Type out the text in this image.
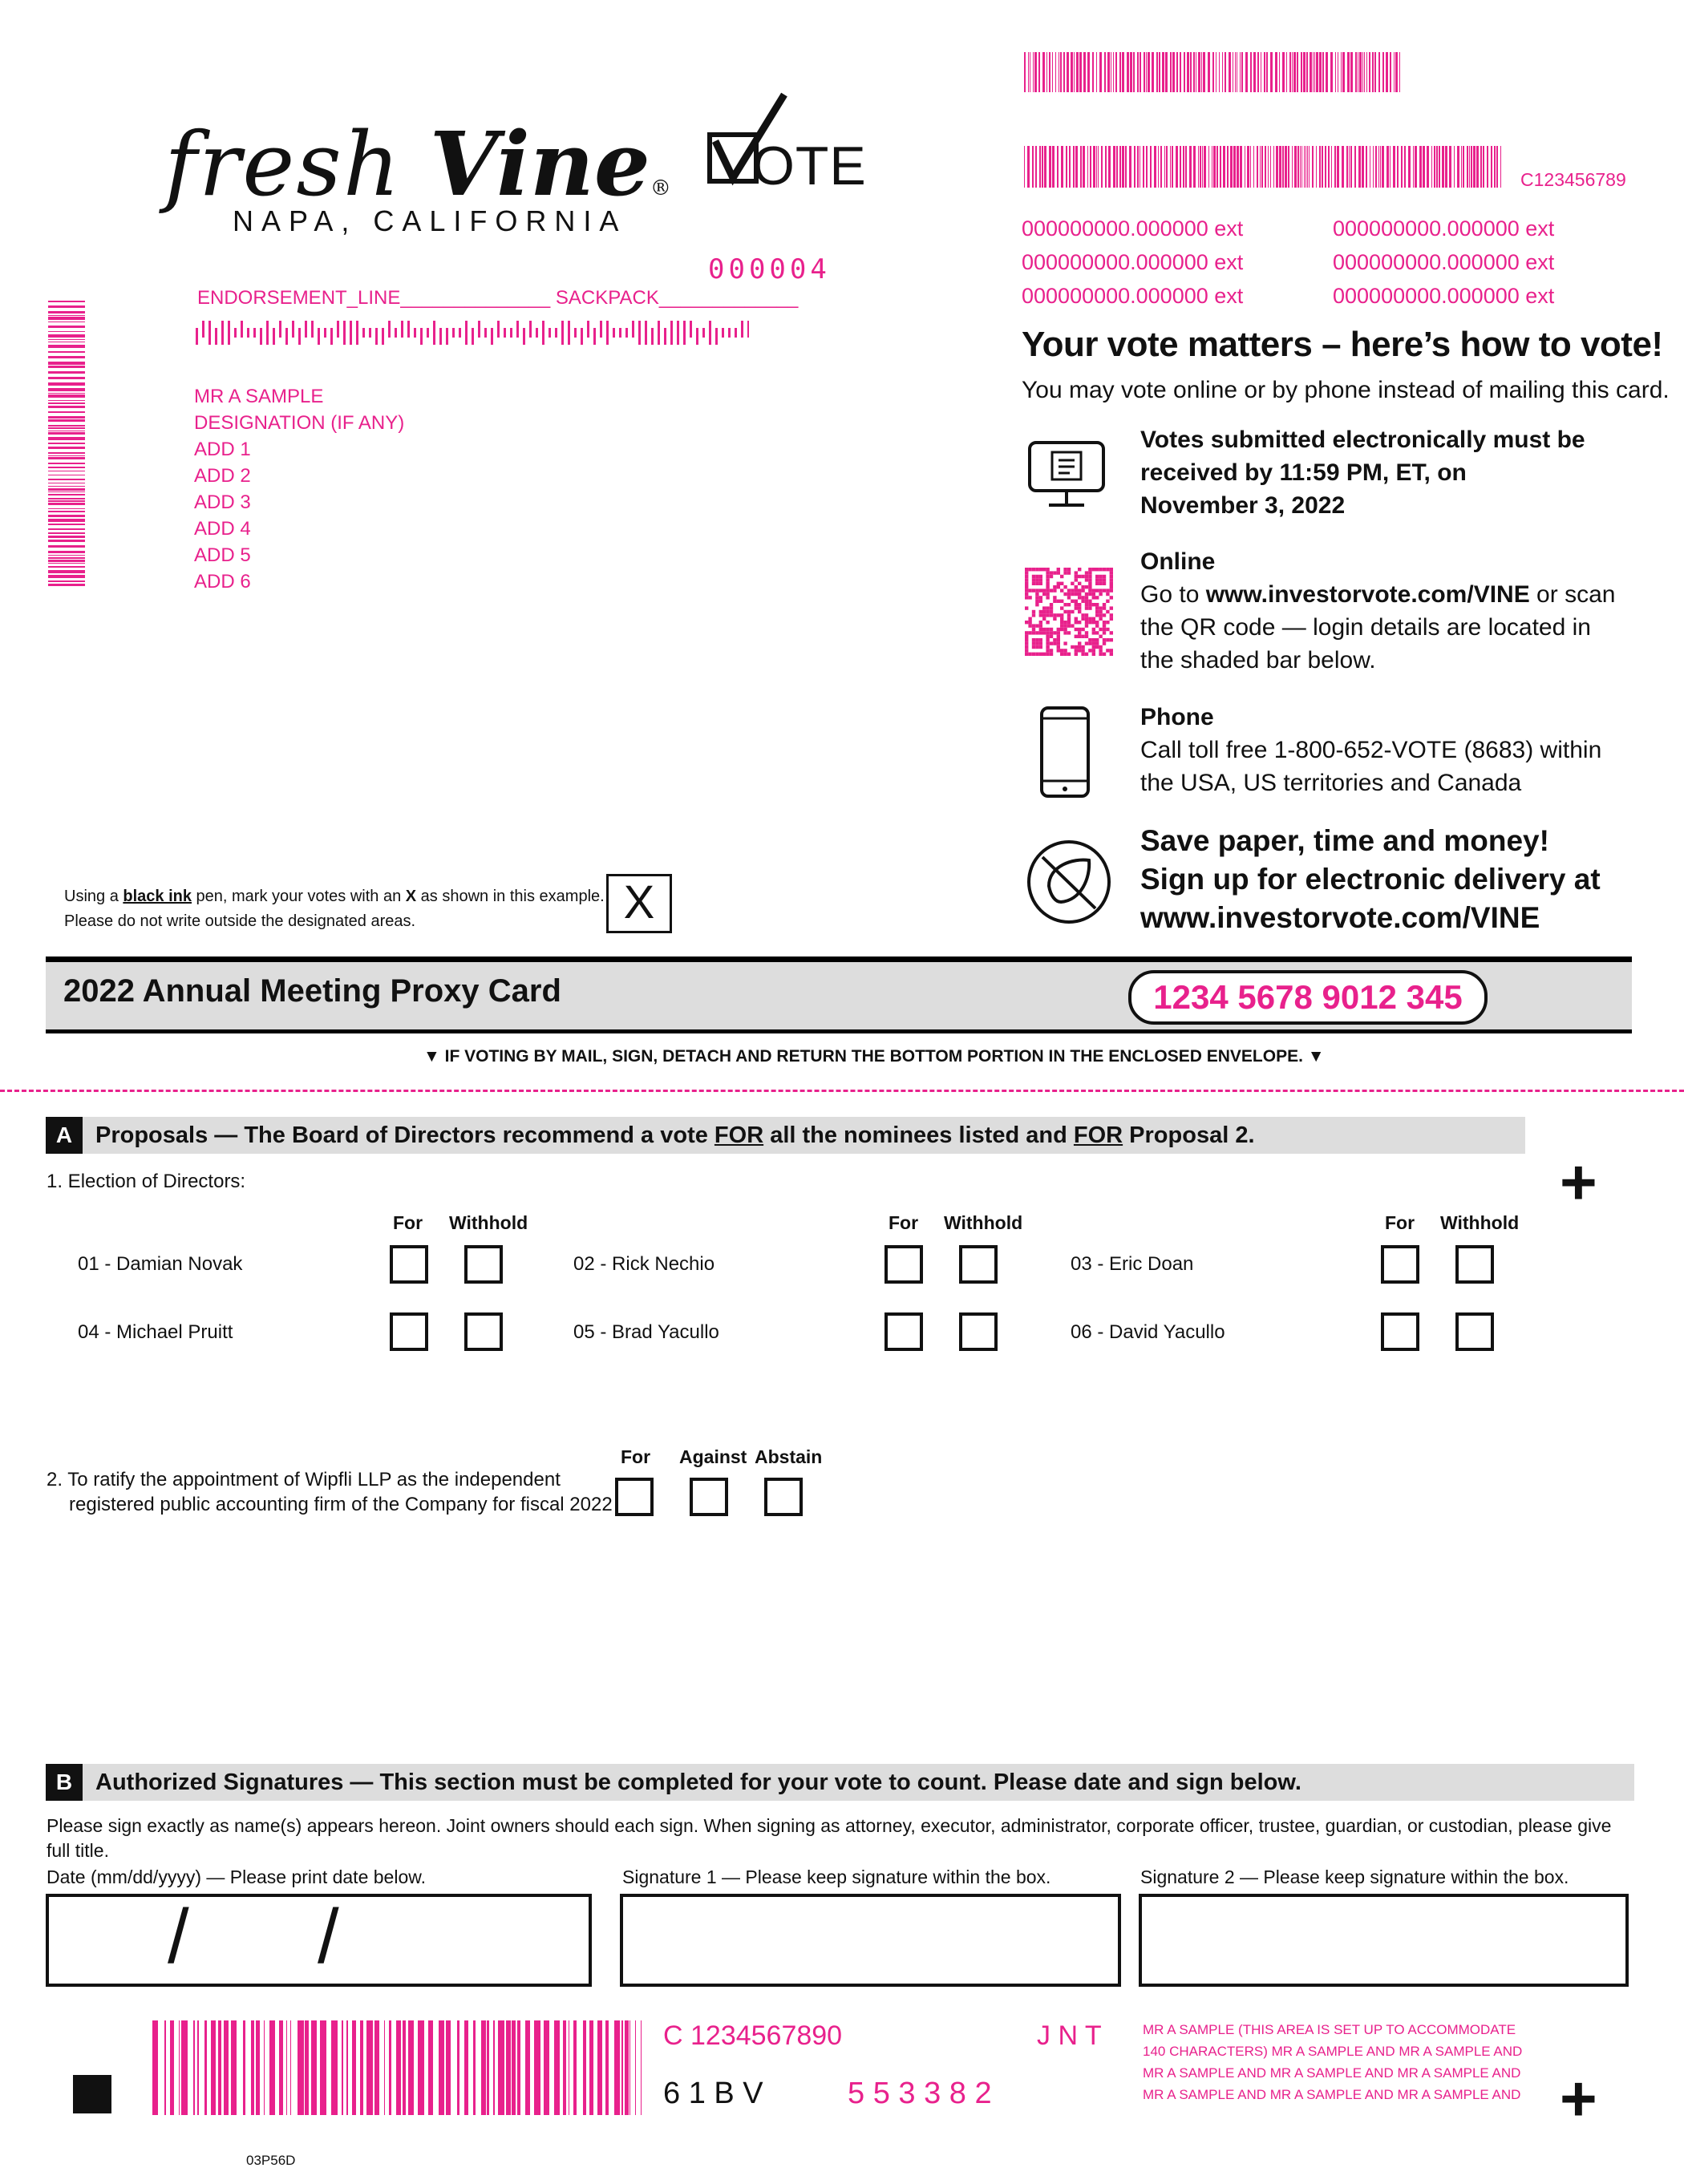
fresh Vine®
NAPA, CALIFORNIA
OTE
000004
ENDORSEMENT_LINE______________ SACKPACK_____________
MR A SAMPLE
DESIGNATION (IF ANY)
ADD 1
ADD 2
ADD 3
ADD 4
ADD 5
ADD 6
C123456789
000000000.000000 ext
000000000.000000 ext
000000000.000000 ext
000000000.000000 ext
000000000.000000 ext
000000000.000000 ext
Your vote matters – here’s how to vote!
You may vote online or by phone instead of mailing this card.
Votes submitted electronically must be
received by 11:59 PM, ET, on
November 3, 2022
Online
Go to www.investorvote.com/VINE or scan
the QR code — login details are located in
the shaded bar below.
Phone
Call toll free 1-800-652-VOTE (8683) within
the USA, US territories and Canada
Save paper, time and money!
Sign up for electronic delivery at
www.investorvote.com/VINE
Using a black ink pen, mark your votes with an X as shown in this example.
Please do not write outside the designated areas.	X
2022 Annual Meeting Proxy Card	1234 5678 9012 345
▼ IF VOTING BY MAIL, SIGN, DETACH AND RETURN THE BOTTOM PORTION IN THE ENCLOSED ENVELOPE. ▼
A Proposals — The Board of Directors recommend a vote FOR all the nominees listed and FOR Proposal 2.
+
1. Election of Directors:
For Withhold	For Withhold	For Withhold
01 - Damian Novak	02 - Rick Nechio	03 - Eric Doan
04 - Michael Pruitt	05 - Brad Yacullo	06 - David Yacullo
2. To ratify the appointment of Wipfli LLP as the independent
registered public accounting firm of the Company for fiscal 2022
For Against Abstain
B Authorized Signatures — This section must be completed for your vote to count. Please date and sign below.
Please sign exactly as name(s) appears hereon. Joint owners should each sign. When signing as attorney, executor, administrator, corporate officer, trustee, guardian, or custodian, please give full title.
Date (mm/dd/yyyy) — Please print date below.	Signature 1 — Please keep signature within the box.	Signature 2 — Please keep signature within the box.
/ /
C 1234567890	J N T
6 1 B V	5 5 3 3 8 2
MR A SAMPLE (THIS AREA IS SET UP TO ACCOMMODATE
140 CHARACTERS) MR A SAMPLE AND MR A SAMPLE AND
MR A SAMPLE AND MR A SAMPLE AND MR A SAMPLE AND
MR A SAMPLE AND MR A SAMPLE AND MR A SAMPLE AND +
03P56D
